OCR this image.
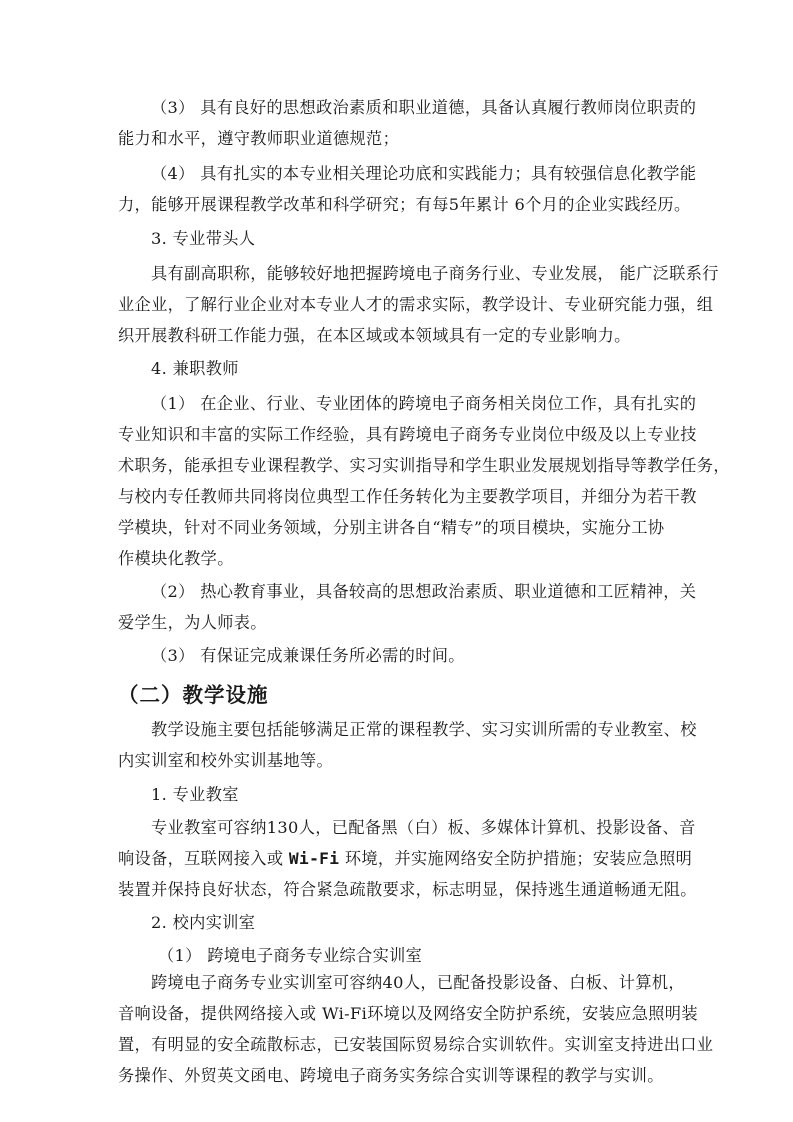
（3） 具有良好的思想政治素质和职业道德，具备认真履行教师岗位职责的
能力和水平，遵守教师职业道德规范；
（4） 具有扎实的本专业相关理论功底和实践能力；具有较强信息化教学能
力，能够开展课程教学改革和科学研究；有每5年累计 6个月的企业实践经历。
3. 专业带头人
具有副高职称，能够较好地把握跨境电子商务行业、专业发展， 能广泛联系行
业企业，了解行业企业对本专业人才的需求实际，教学设计、专业研究能力强，组
织开展教科研工作能力强，在本区域或本领域具有一定的专业影响力。
4. 兼职教师
（1） 在企业、行业、专业团体的跨境电子商务相关岗位工作，具有扎实的
专业知识和丰富的实际工作经验，具有跨境电子商务专业岗位中级及以上专业技
术职务，能承担专业课程教学、实习实训指导和学生职业发展规划指导等教学任务，
与校内专任教师共同将岗位典型工作任务转化为主要教学项目，并细分为若干教
学模块，针对不同业务领域，分别主讲各自“精专”的项目模块，实施分工协
作模块化教学。
（2） 热心教育事业，具备较高的思想政治素质、职业道德和工匠精神，关
爱学生，为人师表。
（3） 有保证完成兼课任务所必需的时间。
（二）教学设施
教学设施主要包括能够满足正常的课程教学、实习实训所需的专业教室、校
内实训室和校外实训基地等。
1. 专业教室
专业教室可容纳130人，已配备黑（白）板、多媒体计算机、投影设备、音
响设备，互联网接入或 Wi-Fi 环境，并实施网络安全防护措施；安装应急照明
装置并保持良好状态，符合紧急疏散要求，标志明显，保持逃生通道畅通无阻。
2. 校内实训室
（1） 跨境电子商务专业综合实训室
跨境电子商务专业实训室可容纳40人，已配备投影设备、白板、计算机，
音响设备，提供网络接入或 Wi-Fi环境以及网络安全防护系统，安装应急照明装
置，有明显的安全疏散标志，已安装国际贸易综合实训软件。实训室支持进出口业
务操作、外贸英文函电、跨境电子商务实务综合实训等课程的教学与实训。
